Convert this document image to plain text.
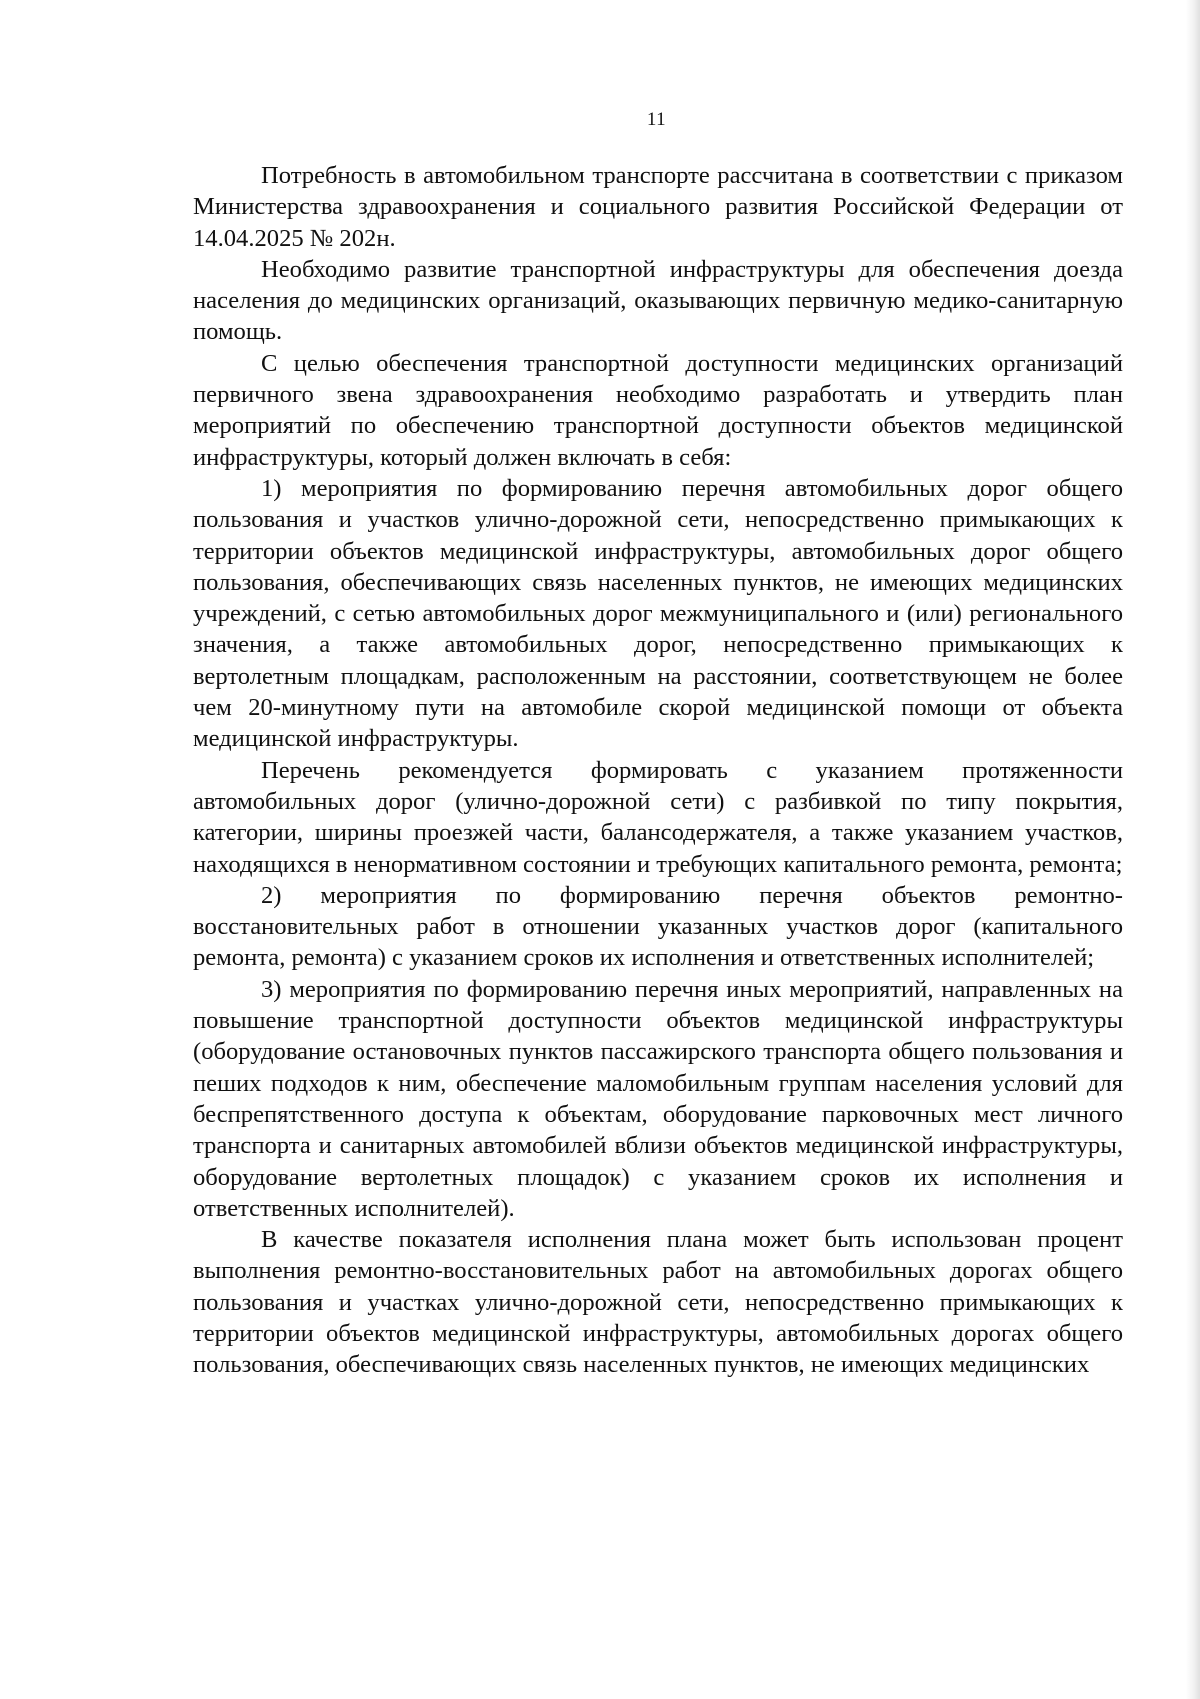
11

Потребность в автомобильном транспорте рассчитана в соответствии с приказом Министерства здравоохранения и социального развития Российской Федерации от 14.04.2025 № 202н.

Необходимо развитие транспортной инфраструктуры для обеспечения доезда населения до медицинских организаций, оказывающих первичную медико-санитарную помощь.

С целью обеспечения транспортной доступности медицинских организаций первичного звена здравоохранения необходимо разработать и утвердить план мероприятий по обеспечению транспортной доступности объектов медицинской инфраструктуры, который должен включать в себя:

1) мероприятия по формированию перечня автомобильных дорог общего пользования и участков улично-дорожной сети, непосредственно примыкающих к территории объектов медицинской инфраструктуры, автомобильных дорог общего пользования, обеспечивающих связь населенных пунктов, не имеющих медицинских учреждений, с сетью автомобильных дорог межмуниципального и (или) регионального значения, а также автомобильных дорог, непосредственно примыкающих к вертолетным площадкам, расположенным на расстоянии, соответствующем не более чем 20-минутному пути на автомобиле скорой медицинской помощи от объекта медицинской инфраструктуры.

Перечень рекомендуется формировать с указанием протяженности автомобильных дорог (улично-дорожной сети) с разбивкой по типу покрытия, категории, ширины проезжей части, балансодержателя, а также указанием участков, находящихся в ненормативном состоянии и требующих капитального ремонта, ремонта;

2) мероприятия по формированию перечня объектов ремонтно-восстановительных работ в отношении указанных участков дорог (капитального ремонта, ремонта) с указанием сроков их исполнения и ответственных исполнителей;

3) мероприятия по формированию перечня иных мероприятий, направленных на повышение транспортной доступности объектов медицинской инфраструктуры (оборудование остановочных пунктов пассажирского транспорта общего пользования и пеших подходов к ним, обеспечение маломобильным группам населения условий для беспрепятственного доступа к объектам, оборудование парковочных мест личного транспорта и санитарных автомобилей вблизи объектов медицинской инфраструктуры, оборудование вертолетных площадок) с указанием сроков их исполнения и ответственных исполнителей).

В качестве показателя исполнения плана может быть использован процент выполнения ремонтно-восстановительных работ на автомобильных дорогах общего пользования и участках улично-дорожной сети, непосредственно примыкающих к территории объектов медицинской инфраструктуры, автомобильных дорогах общего пользования, обеспечивающих связь населенных пунктов, не имеющих медицинских
